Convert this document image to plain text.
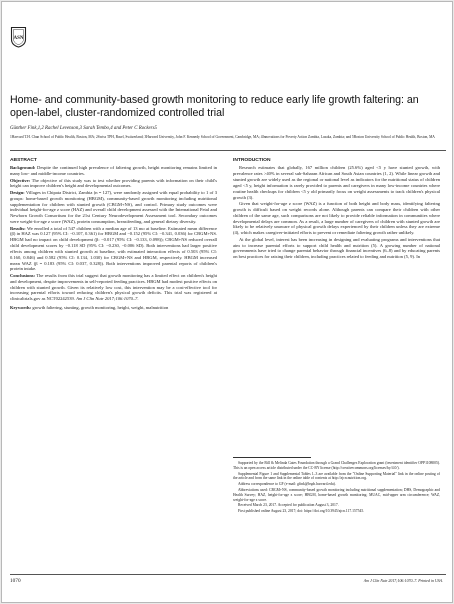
ASN
Home- and community-based growth monitoring to reduce early life growth faltering: an open-label, cluster-randomized controlled trial
Günther Fink,1,2 Rachel Levenson,3 Sarah Tembo,4 and Peter C Rockers5
1Harvard T.H. Chan School of Public Health, Boston, MA; 2Swiss TPH, Basel, Switzerland; 3Harvard University, John F. Kennedy School of Government, Cambridge, MA; 4Innovations for Poverty Action Zambia, Lusaka, Zambia; and 5Boston University School of Public Health, Boston, MA
ABSTRACT

Background: Despite the continued high prevalence of faltering growth, height monitoring remains limited in many low- and middle-income countries.

Objective: The objective of this study was to test whether providing parents with information on their child's height can improve children's height and developmental outcomes.

Design: Villages in Chipata District, Zambia (n = 127), were randomly assigned with equal probability to 1 of 3 groups: home-based growth monitoring (HBGM), community-based growth monitoring including nutritional supplementation for children with stunted growth (CBGM+NS), and control. Primary study outcomes were individual height-for-age z score (HAZ) and overall child development assessed with the International Fetal and Newborn Growth Consortium for the 21st Century Neurodevelopment Assessment tool. Secondary outcomes were weight-for-age z score (WAZ), protein consumption, breastfeeding, and general dietary diversity.

Results: We enrolled a total of 547 children with a median age of 13 mo at baseline. Estimated mean difference (β) in HAZ was 0.127 (95% CI: −0.107, 0.361) for HBGM and −0.152 (95% CI: −0.341, 0.036) for CBGM+NS. HBGM had no impact on child development (β: −0.017 (95% CI: −0.133, 0.098)); CBGM+NS reduced overall child development scores by −0.118 SD (95% CI: −0.230, −0.006 SD). Both interventions had larger positive effects among children with stunted growth at baseline, with estimated interaction effects of 0.503 (95% CI: 0.160, 0.846) and 0.582 (95% CI: 0.134, 1.030) for CBGM+NS and HBGM, respectively. HBGM increased mean WAZ (β = 0.183 (95% CI: 0.037, 0.328)). Both interventions improved parental reports of children's protein intake.

Conclusions: The results from this trial suggest that growth monitoring has a limited effect on children's height and development, despite improvements in self-reported feeding practices. HBGM had modest positive effects on children with stunted growth. Given its relatively low cost, this intervention may be a cost-effective tool for increasing parental efforts toward reducing children's physical growth deficits. This trial was registered at clinicaltrials.gov as NCT02242539. Am J Clin Nutr 2017;106:1070–7.

Keywords: growth faltering, stunting, growth monitoring, height, weight, malnutrition

INTRODUCTION

Research estimates that globally, 167 million children (25.6%) aged <5 y have stunted growth, with prevalence rates >40% in several sub-Saharan African and South Asian countries (1, 2). While linear growth and stunted growth are widely used as the regional or national level as indicators for the nutritional status of children aged <5 y, height information is rarely provided to parents and caregivers in many low-income countries where routine health checkups for children <5 y old primarily focus on weight assessments to track children's physical growth (3).

Given that weight-for-age z score (WAZ) is a function of both height and body mass, identifying faltering growth is difficult based on weight records alone. Although parents can compare their children with other children of the same age, such comparisons are not likely to provide reliable information in communities where developmental delays are common. As a result, a large number of caregivers of children with stunted growth are likely to be relatively unaware of physical growth delays experienced by their children unless they are extreme (4), which makes caregiver-initiated efforts to prevent or remediate faltering growth rather unlikely.

At the global level, interest has been increasing in designing and evaluating programs and interventions that aim to increase parental efforts to support child health and nutrition (5). A growing number of national governments have tried to change parental behavior through financial incentives (6–8) and by educating parents on best practices for raising their children, including practices related to feeding and nutrition (5, 9). In

Supported by the Bill & Melinda Gates Foundation through a Grand Challenges Exploration grant (investment identifier OPP1108005). This is an open access article distributed under the CC-BY license (http://creativecommons.org/licenses/by/4.0/).

Supplemental Figure 1 and Supplemental Tables 1–3 are available from the "Online Supporting Material" link in the online posting of the article and from the same link in the online table of contents at http://ajcn.nutrition.org.

Address correspondence to GF (e-mail: gfink@hsph.harvard.edu).

Abbreviations used: CBGM+NS, community-based growth monitoring including nutritional supplementation; DHS, Demographic and Health Survey; HAZ, height-for-age z score; HBGM, home-based growth monitoring; MUAC, mid-upper arm circumference; WAZ, weight-for-age z score.

Received March 23, 2017. Accepted for publication August 3, 2017.

First published online August 23, 2017; doi: https://doi.org/10.3945/ajcn.117.157545.

1070	Am J Clin Nutr 2017;106:1070–7. Printed in USA.
